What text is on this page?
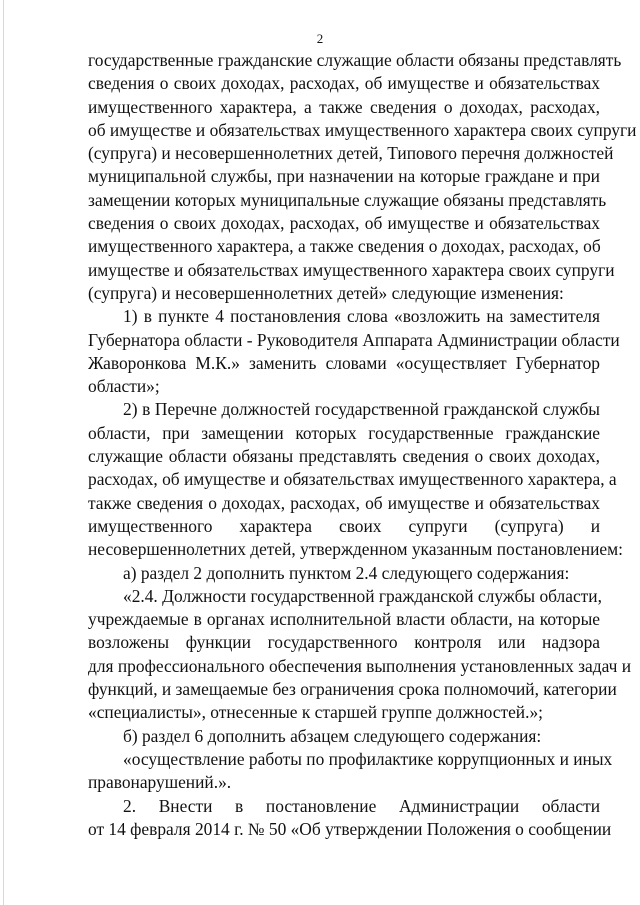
2
государственные гражданские служащие области обязаны представлять
сведения о своих доходах, расходах, об имуществе и обязательствах
имущественного характера, а также сведения о доходах, расходах,
об имуществе и обязательствах имущественного характера своих супруги
(супруга) и несовершеннолетних детей, Типового перечня должностей
муниципальной службы, при назначении на которые граждане и при
замещении которых муниципальные служащие обязаны представлять
сведения о своих доходах, расходах, об имуществе и обязательствах
имущественного характера, а также сведения о доходах, расходах, об
имуществе и обязательствах имущественного характера своих супруги
(супруга) и несовершеннолетних детей» следующие изменения:
1) в пункте 4 постановления слова «возложить на заместителя
Губернатора области - Руководителя Аппарата Администрации области
Жаворонкова М.К.» заменить словами «осуществляет Губернатор
области»;
2) в Перечне должностей государственной гражданской службы
области, при замещении которых государственные гражданские
служащие области обязаны представлять сведения о своих доходах,
расходах, об имуществе и обязательствах имущественного характера, а
также сведения о доходах, расходах, об имуществе и обязательствах
имущественного характера своих супруги (супруга) и
несовершеннолетних детей, утвержденном указанным постановлением:
а) раздел 2 дополнить пунктом 2.4 следующего содержания:
«2.4. Должности государственной гражданской службы области,
учреждаемые в органах исполнительной власти области, на которые
возложены функции государственного контроля или надзора
для профессионального обеспечения выполнения установленных задач и
функций, и замещаемые без ограничения срока полномочий, категории
«специалисты», отнесенные к старшей группе должностей.»;
б) раздел 6 дополнить абзацем следующего содержания:
«осуществление работы по профилактике коррупционных и иных
правонарушений.».
2. Внести в постановление Администрации области
от 14 февраля 2014 г. № 50 «Об утверждении Положения о сообщении
